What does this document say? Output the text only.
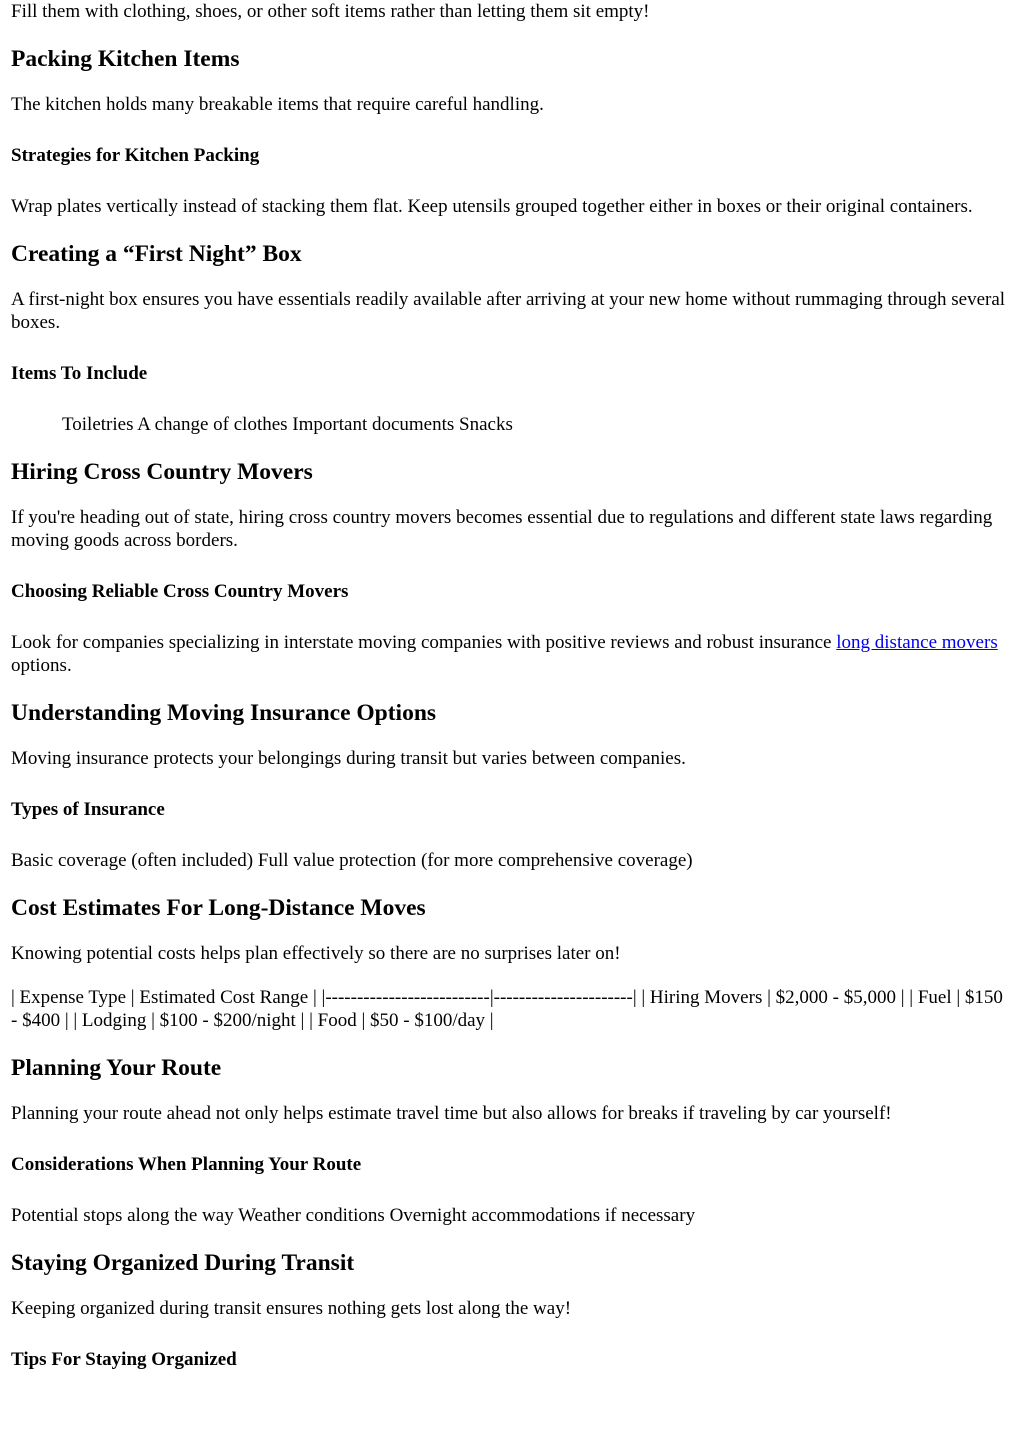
Fill them with clothing, shoes, or other soft items rather than letting them sit empty!

Packing Kitchen Items

The kitchen holds many breakable items that require careful handling.

Strategies for Kitchen Packing

Wrap plates vertically instead of stacking them flat. Keep utensils grouped together either in boxes or their original containers.

Creating a “First Night” Box

A first-night box ensures you have essentials readily available after arriving at your new home without rummaging through several boxes.

Items To Include

Toiletries A change of clothes Important documents Snacks

Hiring Cross Country Movers

If you're heading out of state, hiring cross country movers becomes essential due to regulations and different state laws regarding moving goods across borders.

Choosing Reliable Cross Country Movers

Look for companies specializing in interstate moving companies with positive reviews and robust insurance long distance movers options.

Understanding Moving Insurance Options

Moving insurance protects your belongings during transit but varies between companies.

Types of Insurance

Basic coverage (often included) Full value protection (for more comprehensive coverage)

Cost Estimates For Long-Distance Moves

Knowing potential costs helps plan effectively so there are no surprises later on!

| Expense Type | Estimated Cost Range | |--------------------------|----------------------| | Hiring Movers | $2,000 - $5,000 | | Fuel | $150 - $400 | | Lodging | $100 - $200/night | | Food | $50 - $100/day |

Planning Your Route

Planning your route ahead not only helps estimate travel time but also allows for breaks if traveling by car yourself!

Considerations When Planning Your Route

Potential stops along the way Weather conditions Overnight accommodations if necessary

Staying Organized During Transit

Keeping organized during transit ensures nothing gets lost along the way!

Tips For Staying Organized
